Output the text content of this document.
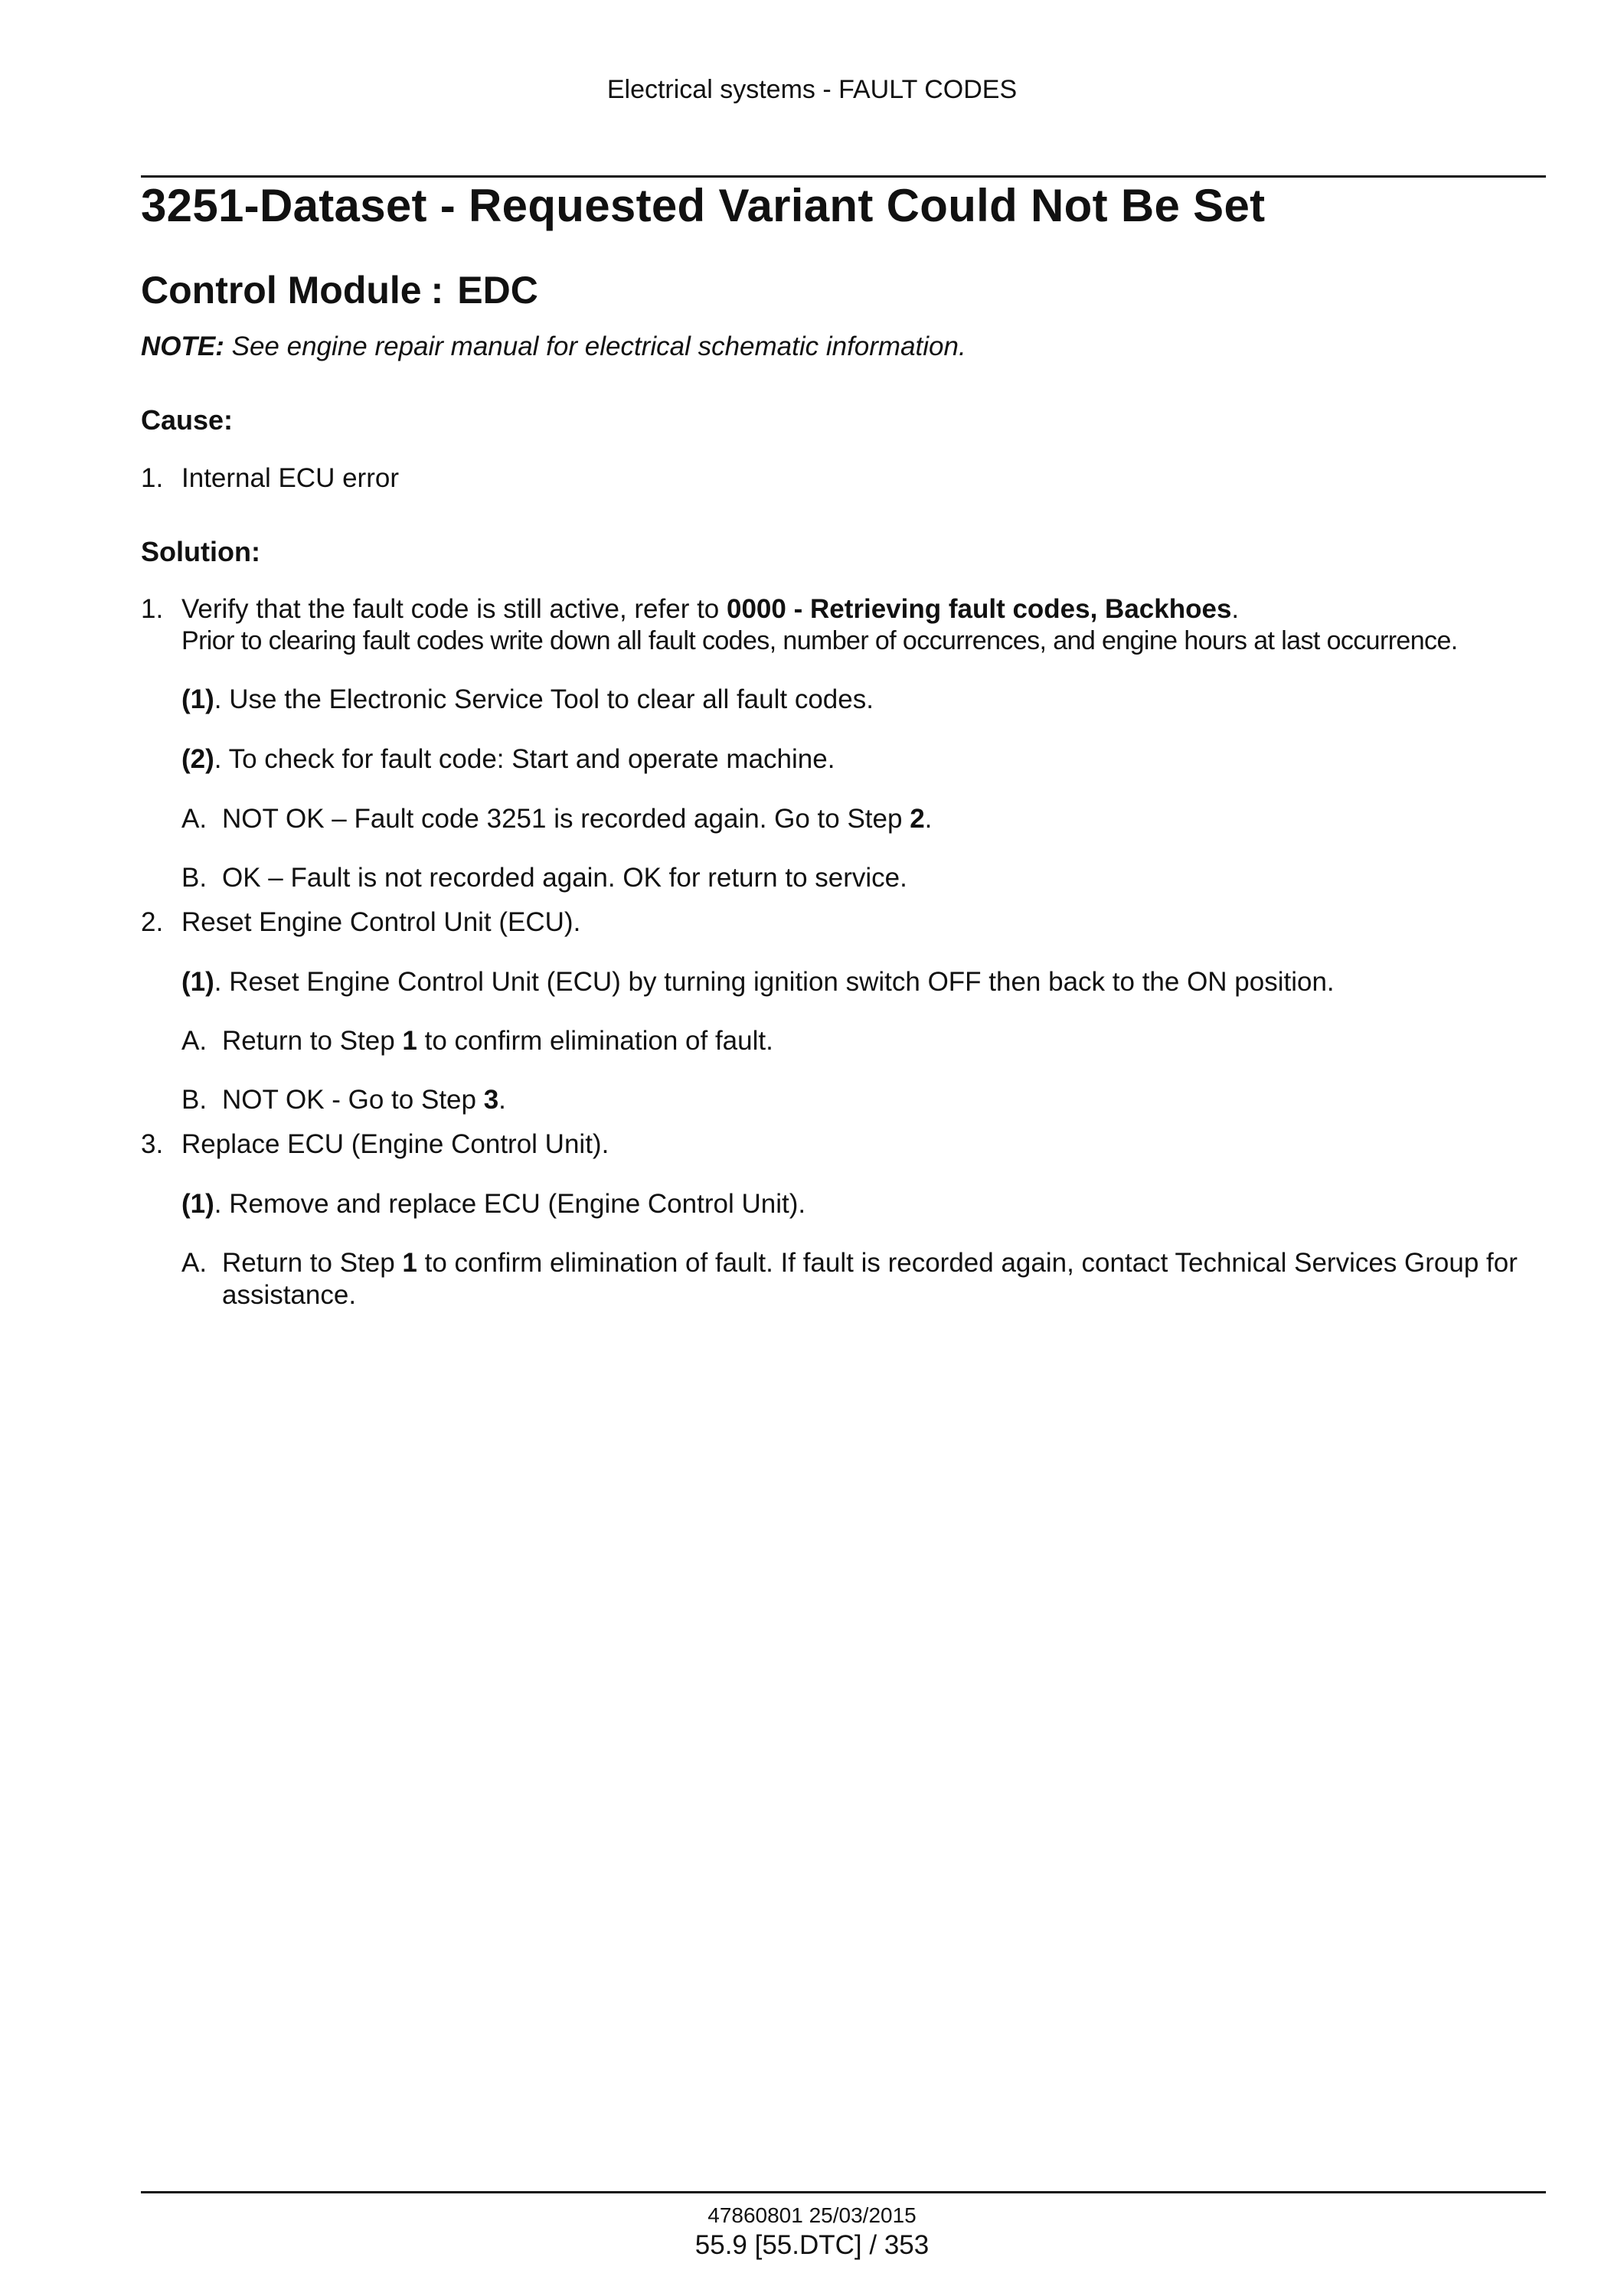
Electrical systems - FAULT CODES
3251-Dataset - Requested Variant Could Not Be Set
Control Module : EDC
NOTE: See engine repair manual for electrical schematic information.
Cause:
1. Internal ECU error
Solution:
1. Verify that the fault code is still active, refer to 0000 - Retrieving fault codes, Backhoes.
Prior to clearing fault codes write down all fault codes, number of occurrences, and engine hours at last occurrence.
(1). Use the Electronic Service Tool to clear all fault codes.
(2). To check for fault code: Start and operate machine.
A. NOT OK – Fault code 3251 is recorded again. Go to Step 2.
B. OK – Fault is not recorded again. OK for return to service.
2. Reset Engine Control Unit (ECU).
(1). Reset Engine Control Unit (ECU) by turning ignition switch OFF then back to the ON position.
A. Return to Step 1 to confirm elimination of fault.
B. NOT OK - Go to Step 3.
3. Replace ECU (Engine Control Unit).
(1). Remove and replace ECU (Engine Control Unit).
A. Return to Step 1 to confirm elimination of fault. If fault is recorded again, contact Technical Services Group for
assistance.
47860801 25/03/2015
55.9 [55.DTC] / 353
